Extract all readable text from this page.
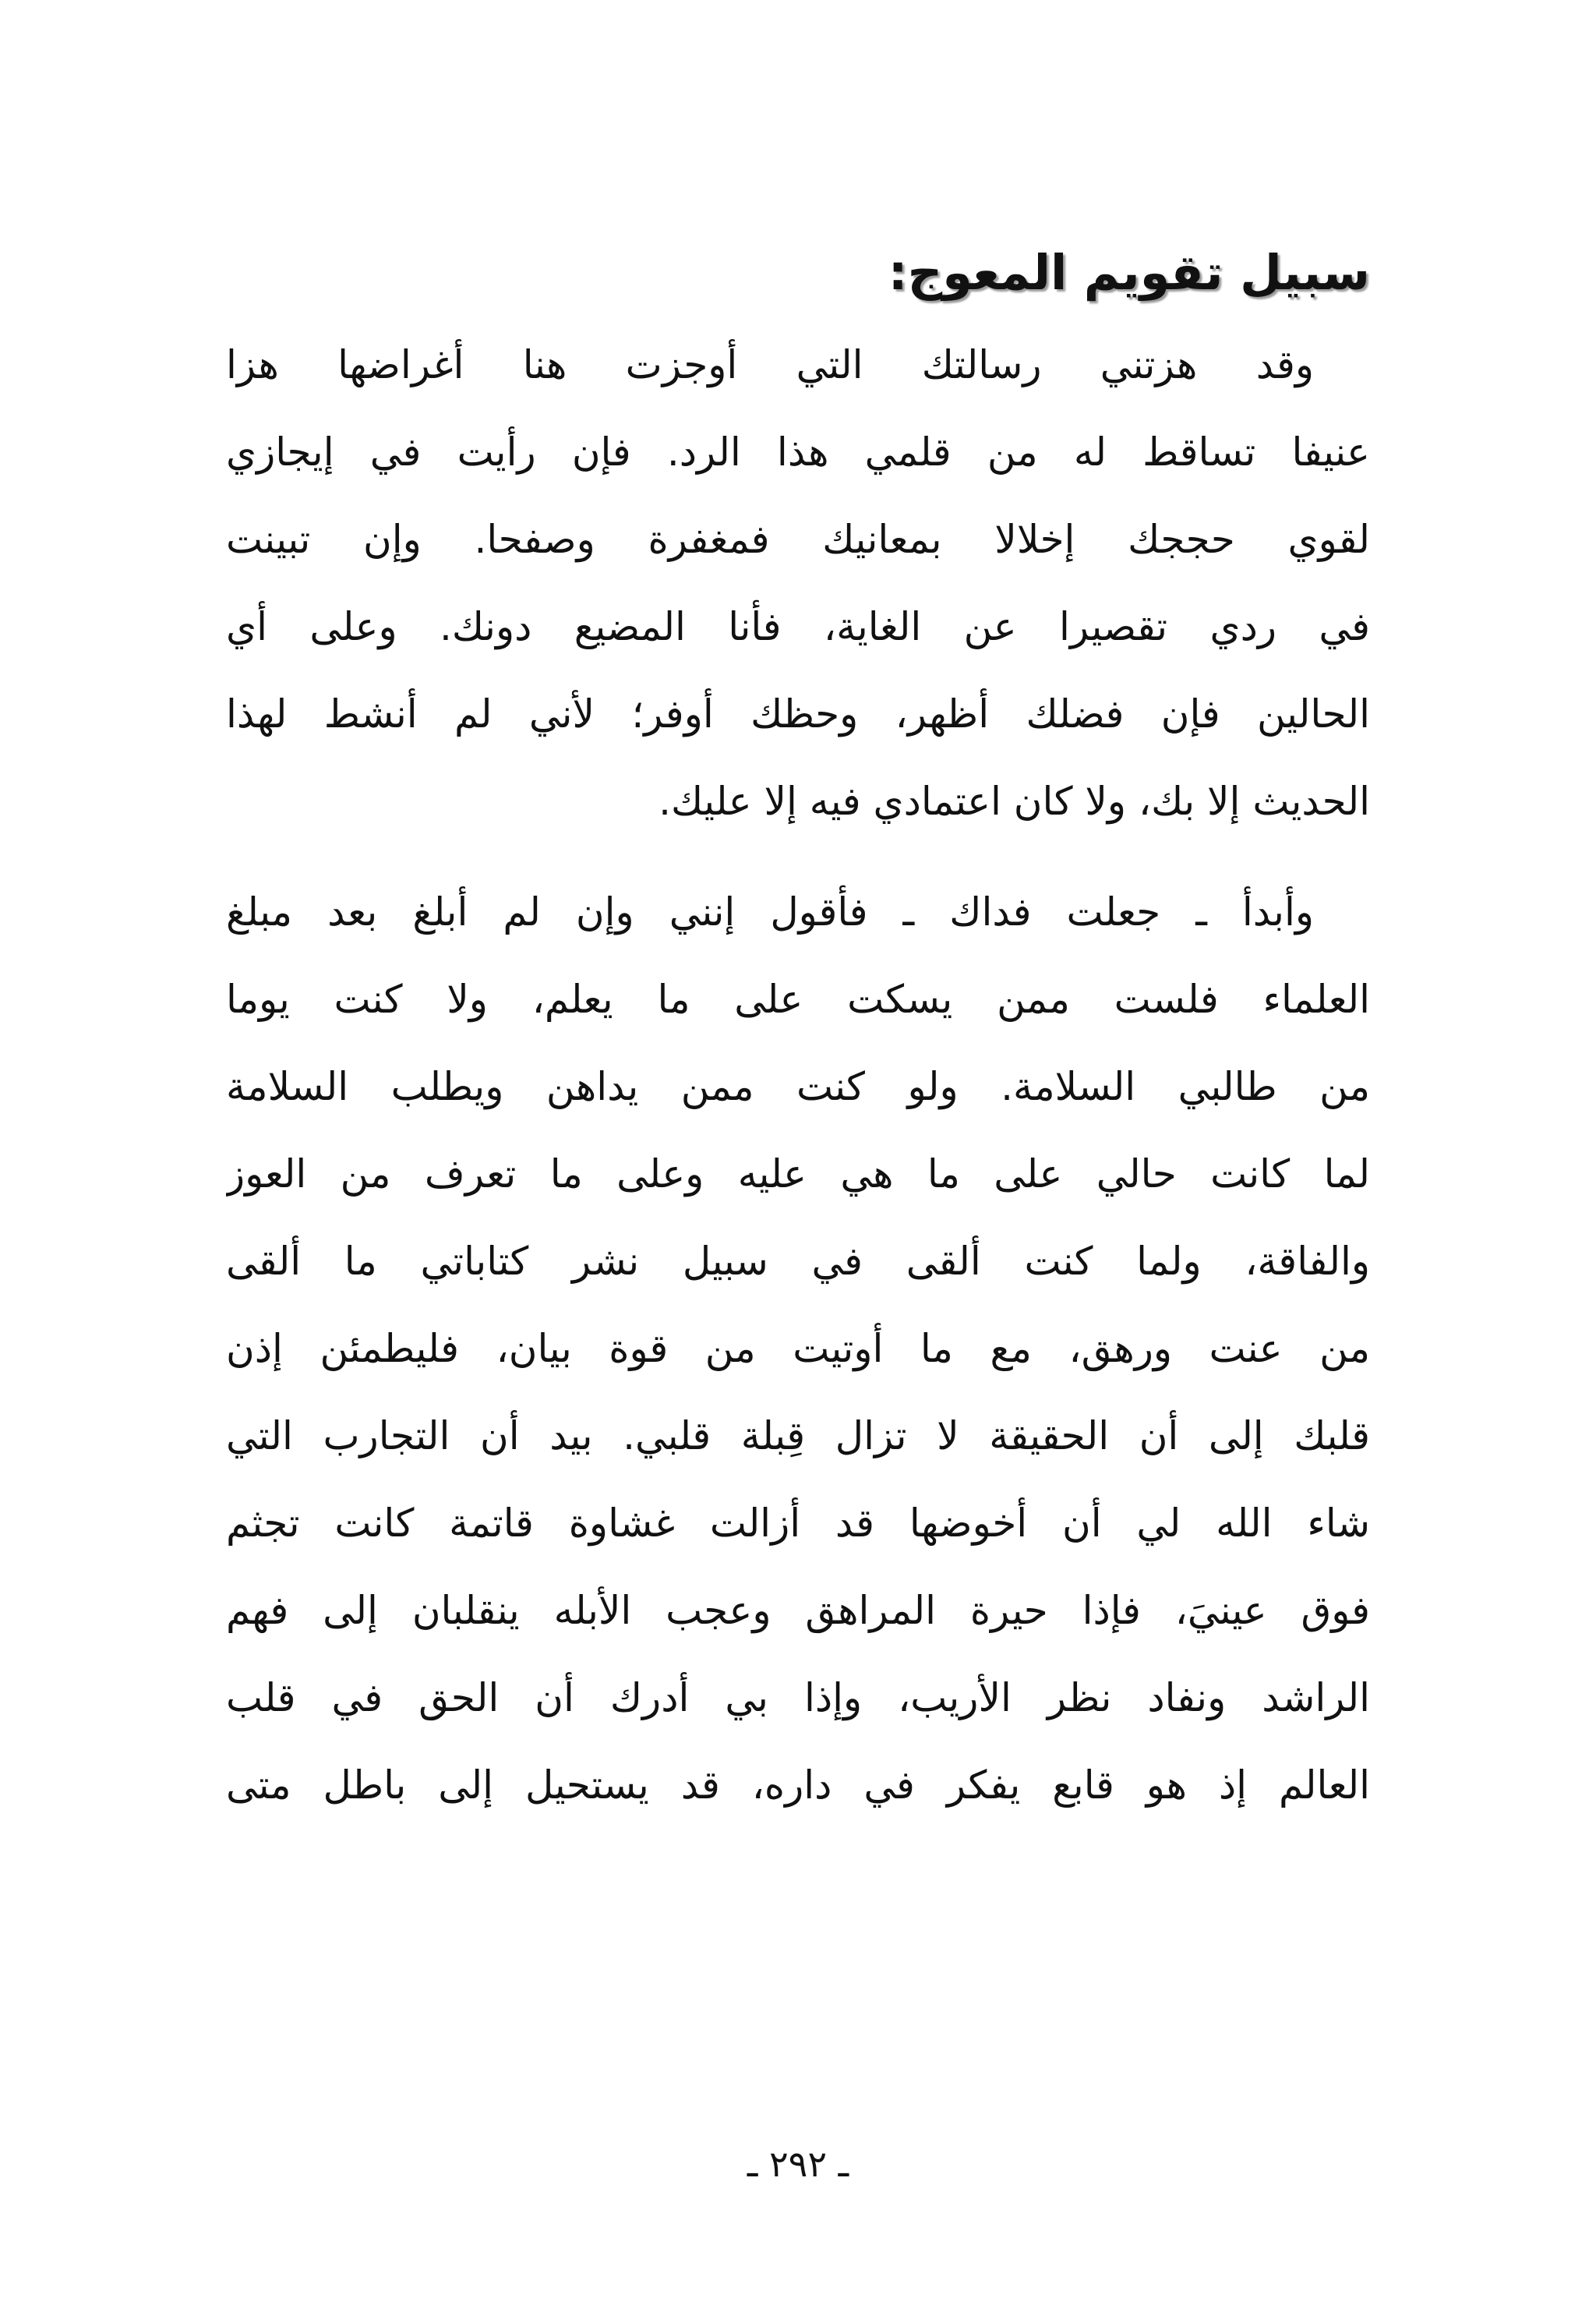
سبيل تقويم المعوج:

وقد هزتني رسالتك التي أوجزت هنا أغراضها هزا
عنيفا تساقط له من قلمي هذا الرد. فإن رأيت في إيجازي
لقوي حججك إخلالا بمعانيك فمغفرة وصفحا. وإن تبينت
في ردي تقصيرا عن الغاية، فأنا المضيع دونك. وعلى أي
الحالين فإن فضلك أظهر، وحظك أوفر؛ لأني لم أنشط لهذا
الحديث إلا بك، ولا كان اعتمادي فيه إلا عليك.

وأبدأ ـ جعلت فداك ـ فأقول إنني وإن لم أبلغ بعد مبلغ
العلماء فلست ممن يسكت على ما يعلم، ولا كنت يوما
من طالبي السلامة. ولو كنت ممن يداهن ويطلب السلامة
لما كانت حالي على ما هي عليه وعلى ما تعرف من العوز
والفاقة، ولما كنت ألقى في سبيل نشر كتاباتي ما ألقى
من عنت ورهق، مع ما أوتيت من قوة بيان، فليطمئن إذن
قلبك إلى أن الحقيقة لا تزال قِبلة قلبي. بيد أن التجارب التي
شاء الله لي أن أخوضها قد أزالت غشاوة قاتمة كانت تجثم
فوق عينيَ، فإذا حيرة المراهق وعجب الأبله ينقلبان إلى فهم
الراشد ونفاد نظر الأريب، وإذا بي أدرك أن الحق في قلب
العالم إذ هو قابع يفكر في داره، قد يستحيل إلى باطل متى

ـ ٢٩٢ ـ
